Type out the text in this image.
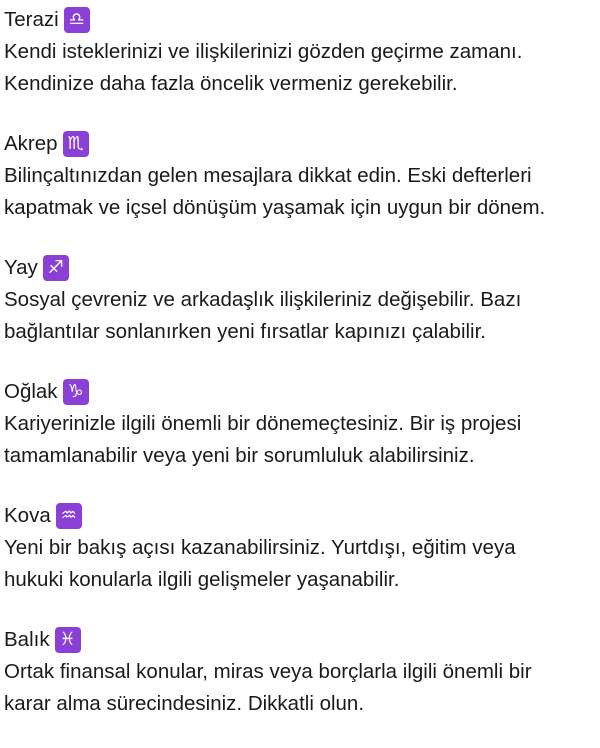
Terazi ♎

Kendi isteklerinizi ve ilişkilerinizi gözden geçirme zamanı.
Kendinize daha fazla öncelik vermeniz gerekebilir.

Akrep ♏

Bilinçaltınızdan gelen mesajlara dikkat edin. Eski defterleri
kapatmak ve içsel dönüşüm yaşamak için uygun bir dönem.

Yay ♐

Sosyal çevreniz ve arkadaşlık ilişkileriniz değişebilir. Bazı
bağlantılar sonlanırken yeni fırsatlar kapınızı çalabilir.

Oğlak ♑

Kariyerinizle ilgili önemli bir dönemeçtesiniz. Bir iş projesi
tamamlanabilir veya yeni bir sorumluluk alabilirsiniz.

Kova ♒

Yeni bir bakış açısı kazanabilirsiniz. Yurtdışı, eğitim veya
hukuki konularla ilgili gelişmeler yaşanabilir.

Balık ♓

Ortak finansal konular, miras veya borçlarla ilgili önemli bir
karar alma sürecindesiniz. Dikkatli olun.
